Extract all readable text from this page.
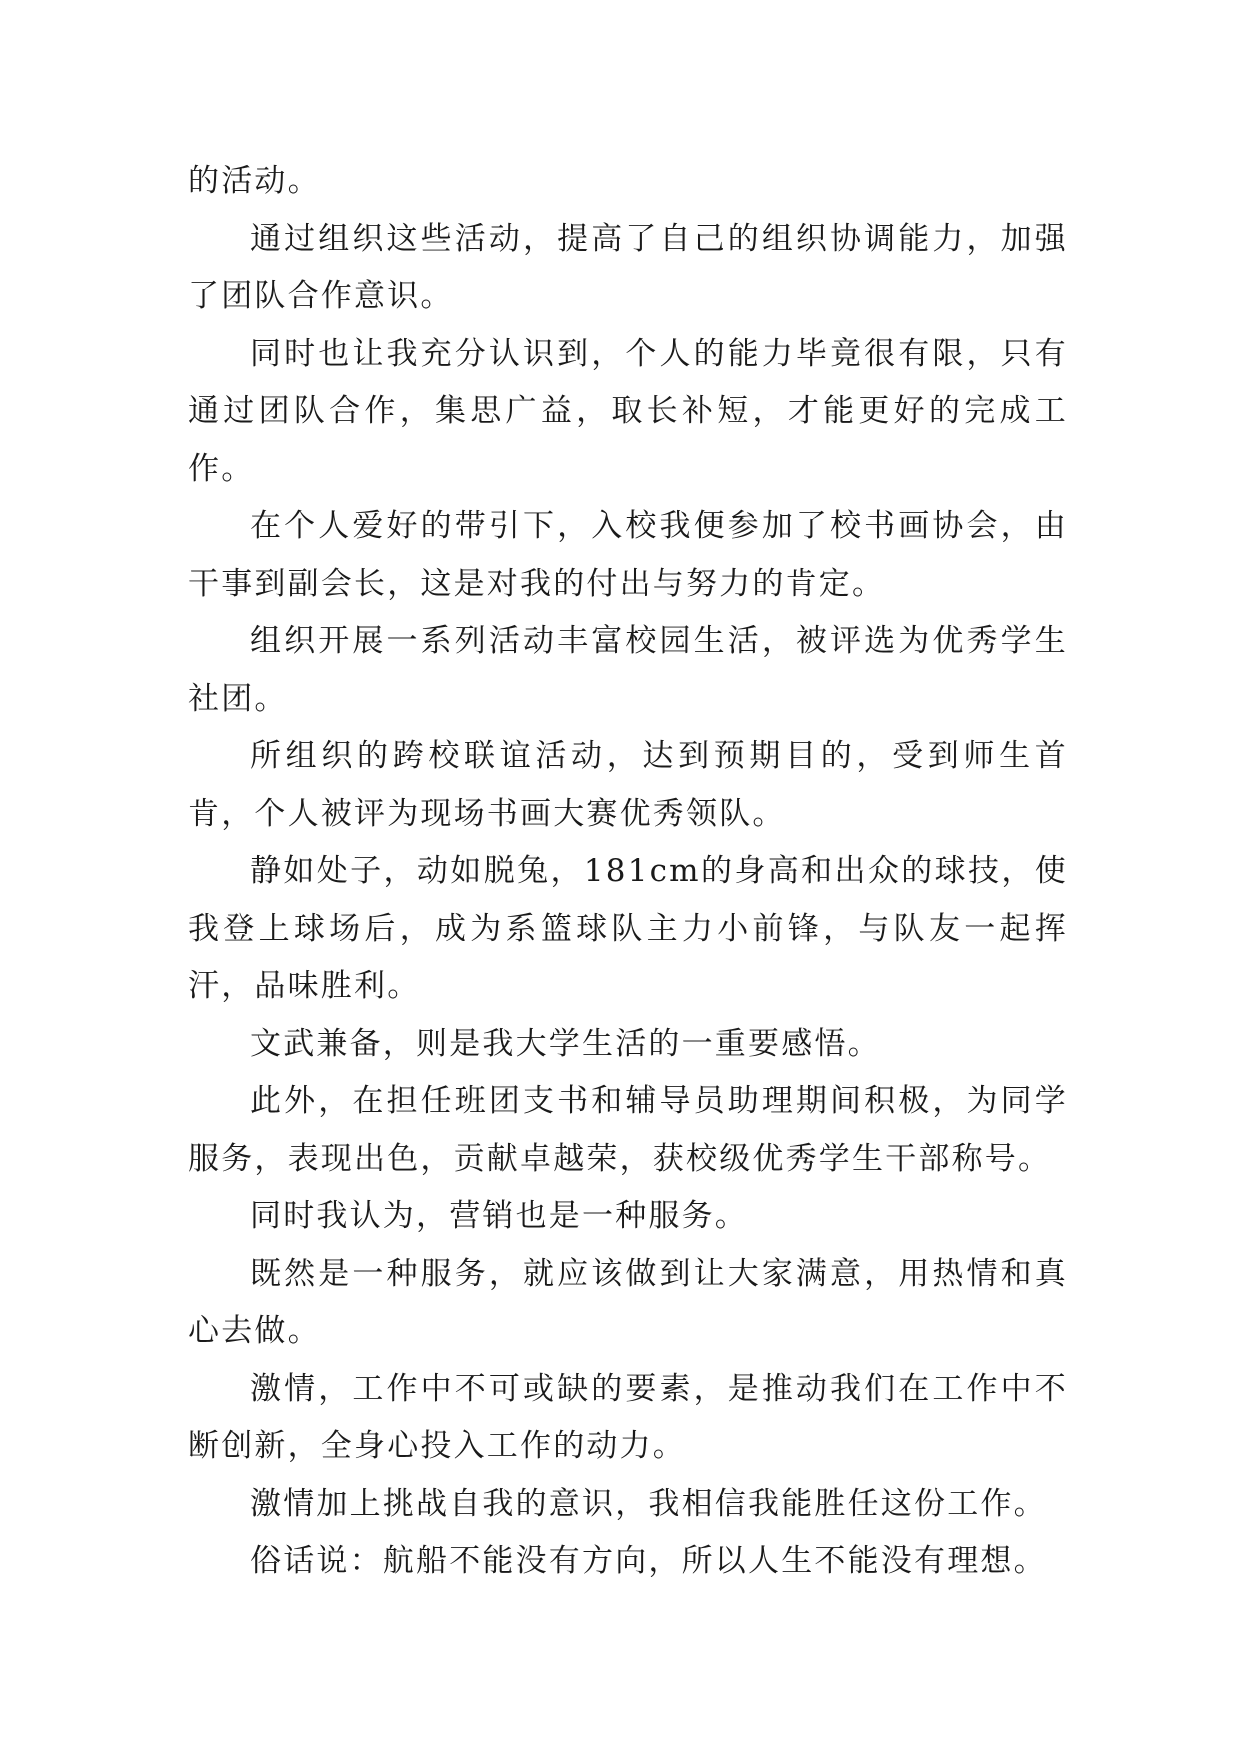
的活动。

通过组织这些活动，提高了自己的组织协调能力，加强了团队合作意识。

同时也让我充分认识到，个人的能力毕竟很有限，只有通过团队合作，集思广益，取长补短，才能更好的完成工作。

在个人爱好的带引下，入校我便参加了校书画协会，由干事到副会长，这是对我的付出与努力的肯定。

组织开展一系列活动丰富校园生活，被评选为优秀学生社团。

所组织的跨校联谊活动，达到预期目的，受到师生首肯，个人被评为现场书画大赛优秀领队。

静如处子，动如脱兔，181cm的身高和出众的球技，使我登上球场后，成为系篮球队主力小前锋，与队友一起挥汗，品味胜利。

文武兼备，则是我大学生活的一重要感悟。

此外，在担任班团支书和辅导员助理期间积极，为同学服务，表现出色，贡献卓越荣，获校级优秀学生干部称号。

同时我认为，营销也是一种服务。

既然是一种服务，就应该做到让大家满意，用热情和真心去做。

激情，工作中不可或缺的要素，是推动我们在工作中不断创新，全身心投入工作的动力。

激情加上挑战自我的意识，我相信我能胜任这份工作。

俗话说：航船不能没有方向，所以人生不能没有理想。
